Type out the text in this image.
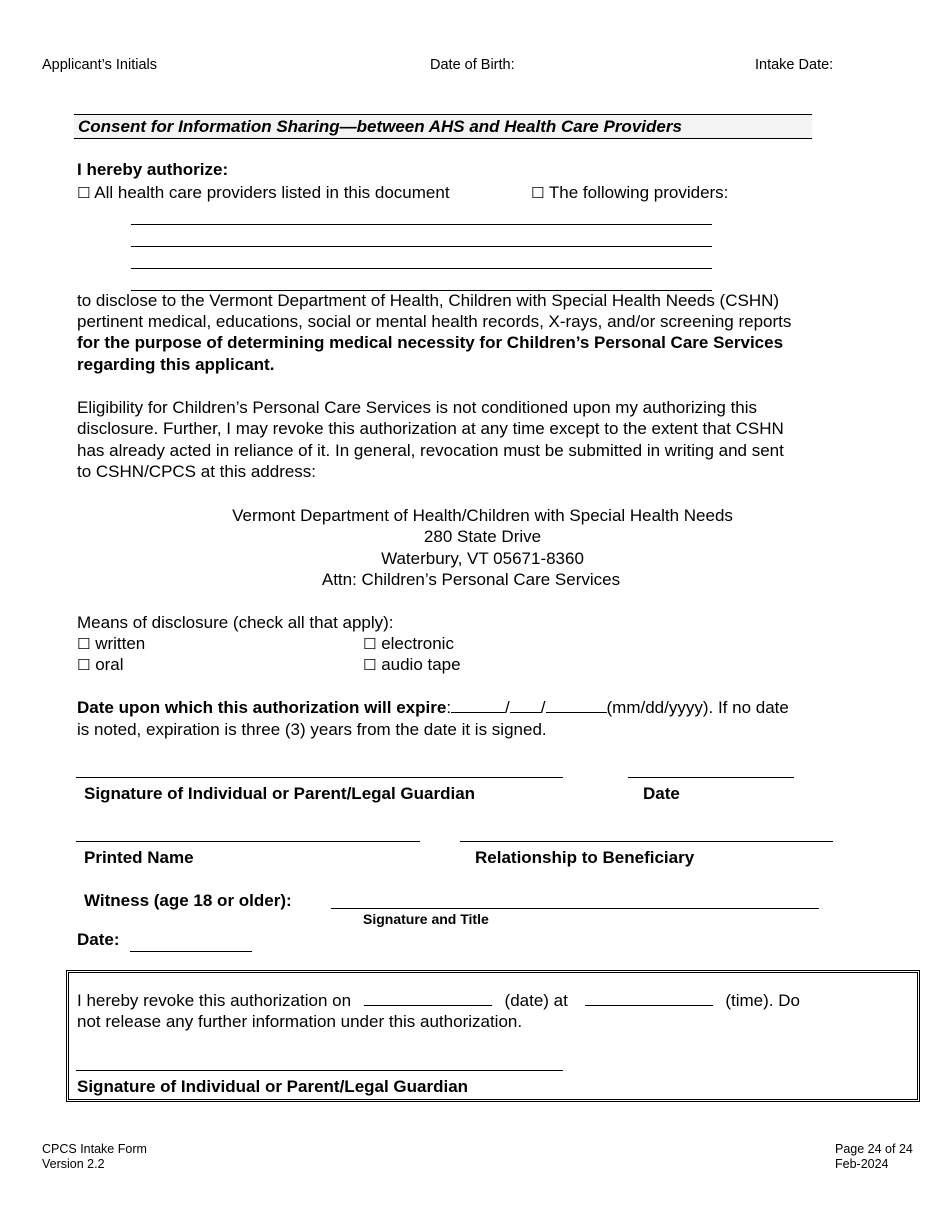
Applicant’s Initials	Date of Birth:	Intake Date:
Consent for Information Sharing—between AHS and Health Care Providers
I hereby authorize:
☐ All health care providers listed in this document	☐ The following providers:
to disclose to the Vermont Department of Health, Children with Special Health Needs (CSHN)
pertinent medical, educations, social or mental health records, X-rays, and/or screening reports
for the purpose of determining medical necessity for Children’s Personal Care Services
regarding this applicant.
Eligibility for Children’s Personal Care Services is not conditioned upon my authorizing this
disclosure. Further, I may revoke this authorization at any time except to the extent that CSHN
has already acted in reliance of it. In general, revocation must be submitted in writing and sent
to CSHN/CPCS at this address:
Vermont Department of Health/Children with Special Health Needs
280 State Drive
Waterbury, VT 05671-8360
Attn: Children’s Personal Care Services
Means of disclosure (check all that apply):
☐ written	☐ electronic
☐ oral	☐ audio tape
Date upon which this authorization will expire:	/ /	(mm/dd/yyyy). If no date
is noted, expiration is three (3) years from the date it is signed.
Signature of Individual or Parent/Legal Guardian	Date
Printed Name	Relationship to Beneficiary
Witness (age 18 or older):
Signature and Title
Date:
I hereby revoke this authorization on	(date) at	(time). Do
not release any further information under this authorization.
Signature of Individual or Parent/Legal Guardian
CPCS Intake Form
Version 2.2
Page 24 of 24
Feb-2024
